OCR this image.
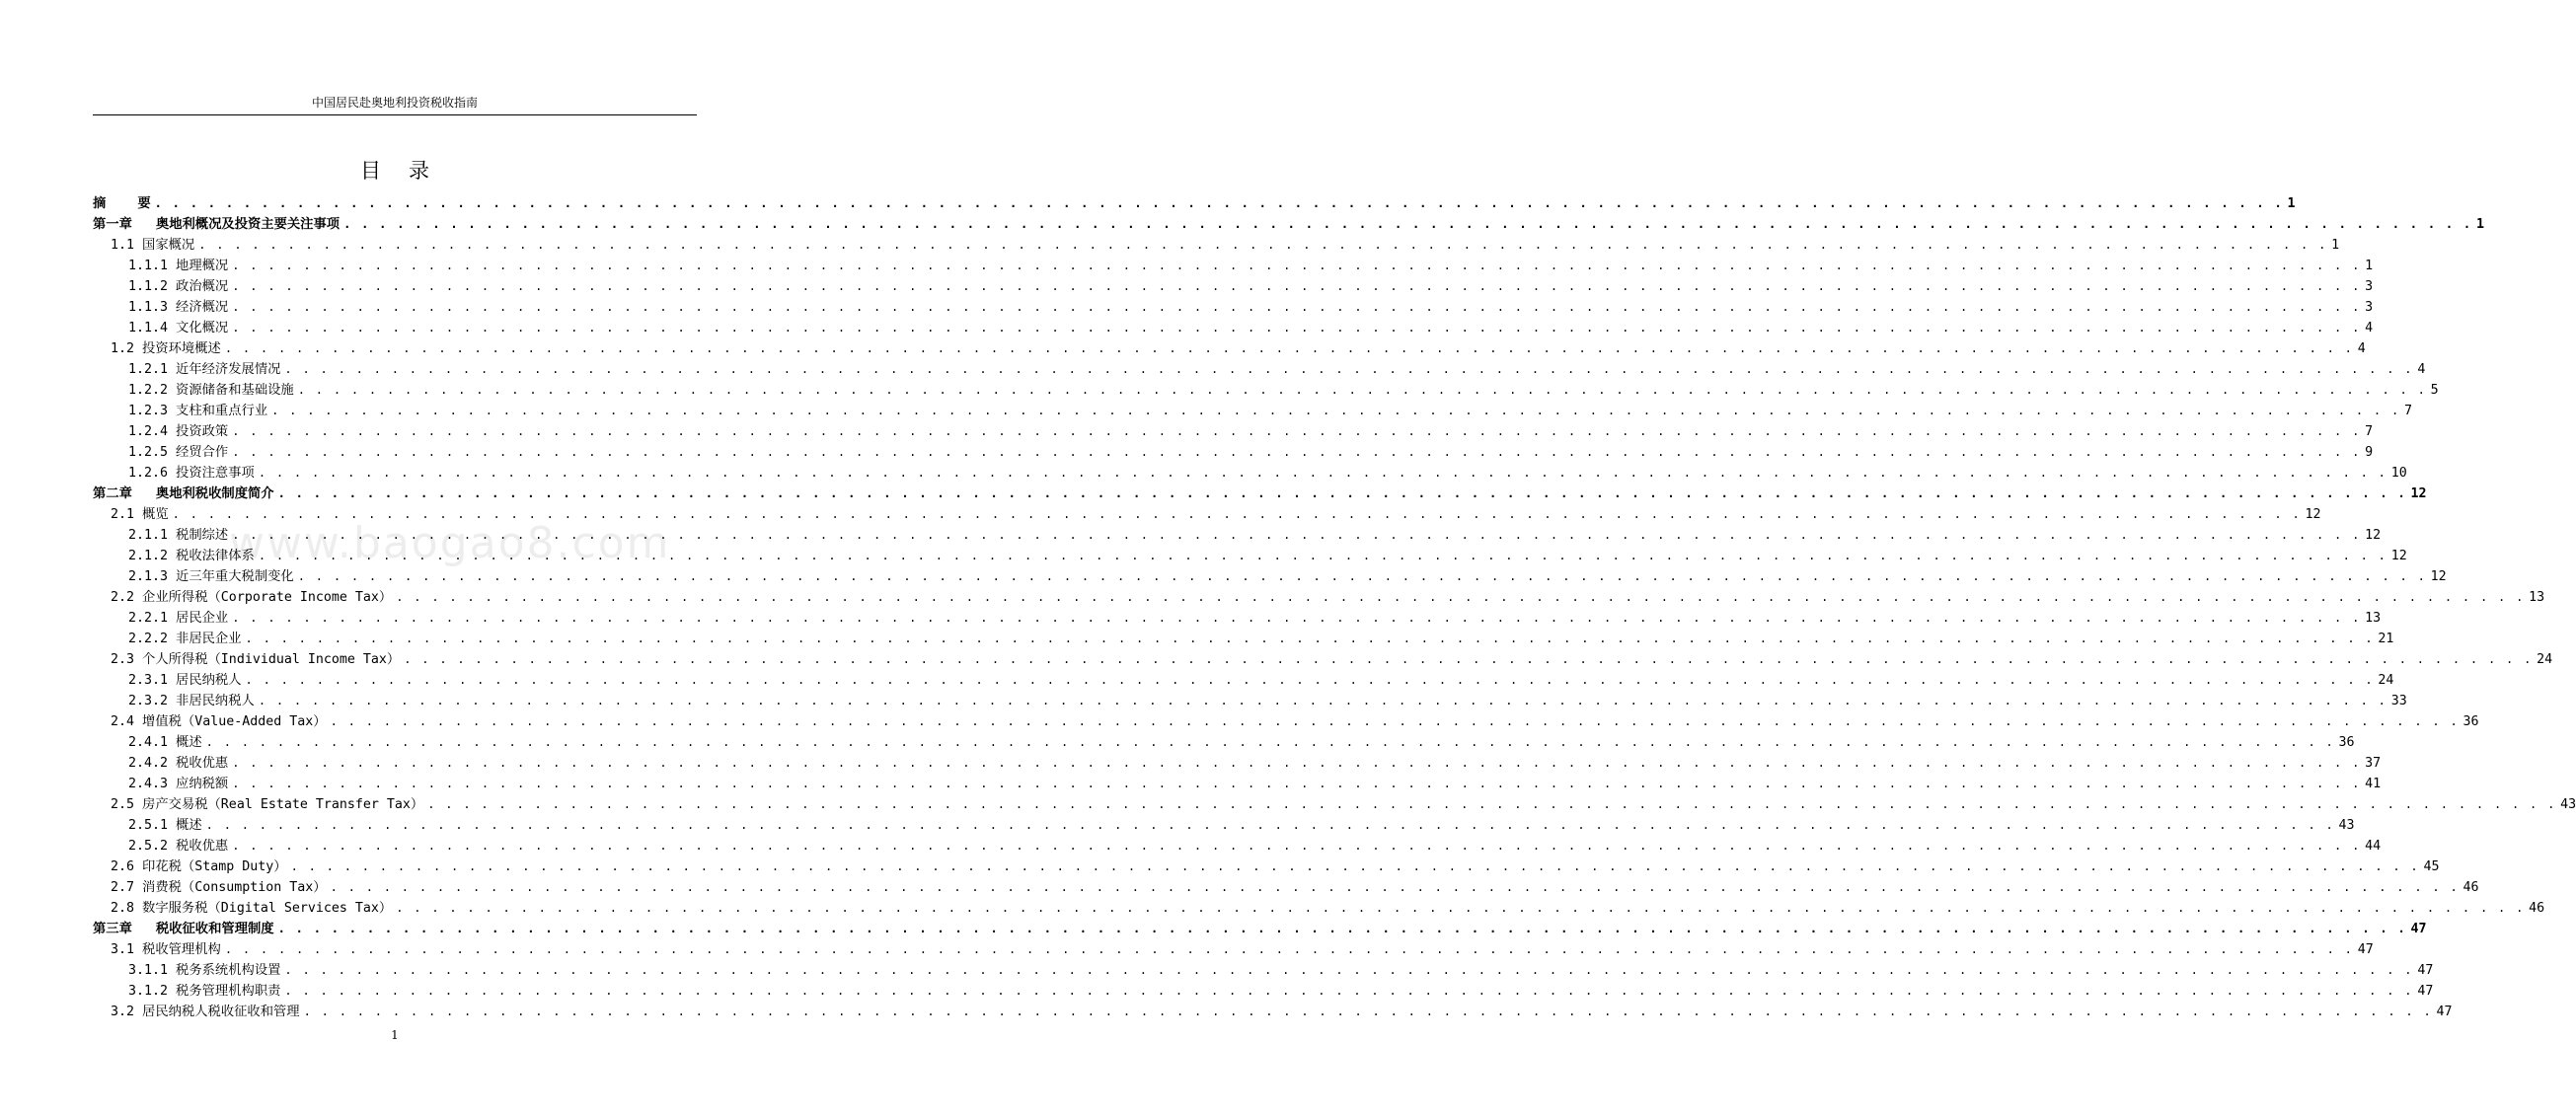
中国居民赴奥地利投资税收指南
目录
www.baogao8.com
摘    要 . . . . . . . . . . . . . . . . . . . . . . . . . . . . . . . . . . . . . . . . . . . . . . . . . . . . . . . . . . . . . . . . . . . . . . . . . . . . . . . . . . . . . . . . . . . . . . . . . . . . . . . . . . . . . . . . . . . . . . . . 1
第一章   奥地利概况及投资主要关注事项 . . . . . . . . . . . . . . . . . . . . . . . . . . . . . . . . . . . . . . . . . . . . . . . . . . . . . . . . . . . . . . . . . . . . . . . . . . . . . . . . . . . . . . . . . . . . . . . . . . . . . . . . . . . . . . . . . . . . . . . . 1
1.1 国家概况 . . . . . . . . . . . . . . . . . . . . . . . . . . . . . . . . . . . . . . . . . . . . . . . . . . . . . . . . . . . . . . . . . . . . . . . . . . . . . . . . . . . . . . . . . . . . . . . . . . . . . . . . . . . . . . . . . . . . . . . . 1
1.1.1 地理概况 . . . . . . . . . . . . . . . . . . . . . . . . . . . . . . . . . . . . . . . . . . . . . . . . . . . . . . . . . . . . . . . . . . . . . . . . . . . . . . . . . . . . . . . . . . . . . . . . . . . . . . . . . . . . . . . . . . . . . . . . 1
1.1.2 政治概况 . . . . . . . . . . . . . . . . . . . . . . . . . . . . . . . . . . . . . . . . . . . . . . . . . . . . . . . . . . . . . . . . . . . . . . . . . . . . . . . . . . . . . . . . . . . . . . . . . . . . . . . . . . . . . . . . . . . . . . . . 3
1.1.3 经济概况 . . . . . . . . . . . . . . . . . . . . . . . . . . . . . . . . . . . . . . . . . . . . . . . . . . . . . . . . . . . . . . . . . . . . . . . . . . . . . . . . . . . . . . . . . . . . . . . . . . . . . . . . . . . . . . . . . . . . . . . . 3
1.1.4 文化概况 . . . . . . . . . . . . . . . . . . . . . . . . . . . . . . . . . . . . . . . . . . . . . . . . . . . . . . . . . . . . . . . . . . . . . . . . . . . . . . . . . . . . . . . . . . . . . . . . . . . . . . . . . . . . . . . . . . . . . . . . 4
1.2 投资环境概述 . . . . . . . . . . . . . . . . . . . . . . . . . . . . . . . . . . . . . . . . . . . . . . . . . . . . . . . . . . . . . . . . . . . . . . . . . . . . . . . . . . . . . . . . . . . . . . . . . . . . . . . . . . . . . . . . . . . . . . . . 4
1.2.1 近年经济发展情况 . . . . . . . . . . . . . . . . . . . . . . . . . . . . . . . . . . . . . . . . . . . . . . . . . . . . . . . . . . . . . . . . . . . . . . . . . . . . . . . . . . . . . . . . . . . . . . . . . . . . . . . . . . . . . . . . . . . . . . . . 4
1.2.2 资源储备和基础设施 . . . . . . . . . . . . . . . . . . . . . . . . . . . . . . . . . . . . . . . . . . . . . . . . . . . . . . . . . . . . . . . . . . . . . . . . . . . . . . . . . . . . . . . . . . . . . . . . . . . . . . . . . . . . . . . . . . . . . . . . 5
1.2.3 支柱和重点行业 . . . . . . . . . . . . . . . . . . . . . . . . . . . . . . . . . . . . . . . . . . . . . . . . . . . . . . . . . . . . . . . . . . . . . . . . . . . . . . . . . . . . . . . . . . . . . . . . . . . . . . . . . . . . . . . . . . . . . . . . 7
1.2.4 投资政策 . . . . . . . . . . . . . . . . . . . . . . . . . . . . . . . . . . . . . . . . . . . . . . . . . . . . . . . . . . . . . . . . . . . . . . . . . . . . . . . . . . . . . . . . . . . . . . . . . . . . . . . . . . . . . . . . . . . . . . . . 7
1.2.5 经贸合作 . . . . . . . . . . . . . . . . . . . . . . . . . . . . . . . . . . . . . . . . . . . . . . . . . . . . . . . . . . . . . . . . . . . . . . . . . . . . . . . . . . . . . . . . . . . . . . . . . . . . . . . . . . . . . . . . . . . . . . . . 9
1.2.6 投资注意事项 . . . . . . . . . . . . . . . . . . . . . . . . . . . . . . . . . . . . . . . . . . . . . . . . . . . . . . . . . . . . . . . . . . . . . . . . . . . . . . . . . . . . . . . . . . . . . . . . . . . . . . . . . . . . . . . . . . . . . . . . 10
第二章   奥地利税收制度简介 . . . . . . . . . . . . . . . . . . . . . . . . . . . . . . . . . . . . . . . . . . . . . . . . . . . . . . . . . . . . . . . . . . . . . . . . . . . . . . . . . . . . . . . . . . . . . . . . . . . . . . . . . . . . . . . . . . . . . . . . 12
2.1 概览 . . . . . . . . . . . . . . . . . . . . . . . . . . . . . . . . . . . . . . . . . . . . . . . . . . . . . . . . . . . . . . . . . . . . . . . . . . . . . . . . . . . . . . . . . . . . . . . . . . . . . . . . . . . . . . . . . . . . . . . . 12
2.1.1 税制综述 . . . . . . . . . . . . . . . . . . . . . . . . . . . . . . . . . . . . . . . . . . . . . . . . . . . . . . . . . . . . . . . . . . . . . . . . . . . . . . . . . . . . . . . . . . . . . . . . . . . . . . . . . . . . . . . . . . . . . . . . 12
2.1.2 税收法律体系 . . . . . . . . . . . . . . . . . . . . . . . . . . . . . . . . . . . . . . . . . . . . . . . . . . . . . . . . . . . . . . . . . . . . . . . . . . . . . . . . . . . . . . . . . . . . . . . . . . . . . . . . . . . . . . . . . . . . . . . . 12
2.1.3 近三年重大税制变化 . . . . . . . . . . . . . . . . . . . . . . . . . . . . . . . . . . . . . . . . . . . . . . . . . . . . . . . . . . . . . . . . . . . . . . . . . . . . . . . . . . . . . . . . . . . . . . . . . . . . . . . . . . . . . . . . . . . . . . . . 12
2.2 企业所得税（Corporate Income Tax） . . . . . . . . . . . . . . . . . . . . . . . . . . . . . . . . . . . . . . . . . . . . . . . . . . . . . . . . . . . . . . . . . . . . . . . . . . . . . . . . . . . . . . . . . . . . . . . . . . . . . . . . . . . . . . . . . . . . . . . . 13
2.2.1 居民企业 . . . . . . . . . . . . . . . . . . . . . . . . . . . . . . . . . . . . . . . . . . . . . . . . . . . . . . . . . . . . . . . . . . . . . . . . . . . . . . . . . . . . . . . . . . . . . . . . . . . . . . . . . . . . . . . . . . . . . . . . 13
2.2.2 非居民企业 . . . . . . . . . . . . . . . . . . . . . . . . . . . . . . . . . . . . . . . . . . . . . . . . . . . . . . . . . . . . . . . . . . . . . . . . . . . . . . . . . . . . . . . . . . . . . . . . . . . . . . . . . . . . . . . . . . . . . . . . 21
2.3 个人所得税（Individual Income Tax） . . . . . . . . . . . . . . . . . . . . . . . . . . . . . . . . . . . . . . . . . . . . . . . . . . . . . . . . . . . . . . . . . . . . . . . . . . . . . . . . . . . . . . . . . . . . . . . . . . . . . . . . . . . . . . . . . . . . . . . . 24
2.3.1 居民纳税人 . . . . . . . . . . . . . . . . . . . . . . . . . . . . . . . . . . . . . . . . . . . . . . . . . . . . . . . . . . . . . . . . . . . . . . . . . . . . . . . . . . . . . . . . . . . . . . . . . . . . . . . . . . . . . . . . . . . . . . . . 24
2.3.2 非居民纳税人 . . . . . . . . . . . . . . . . . . . . . . . . . . . . . . . . . . . . . . . . . . . . . . . . . . . . . . . . . . . . . . . . . . . . . . . . . . . . . . . . . . . . . . . . . . . . . . . . . . . . . . . . . . . . . . . . . . . . . . . . 33
2.4 增值税（Value-Added Tax） . . . . . . . . . . . . . . . . . . . . . . . . . . . . . . . . . . . . . . . . . . . . . . . . . . . . . . . . . . . . . . . . . . . . . . . . . . . . . . . . . . . . . . . . . . . . . . . . . . . . . . . . . . . . . . . . . . . . . . . . 36
2.4.1 概述 . . . . . . . . . . . . . . . . . . . . . . . . . . . . . . . . . . . . . . . . . . . . . . . . . . . . . . . . . . . . . . . . . . . . . . . . . . . . . . . . . . . . . . . . . . . . . . . . . . . . . . . . . . . . . . . . . . . . . . . . 36
2.4.2 税收优惠 . . . . . . . . . . . . . . . . . . . . . . . . . . . . . . . . . . . . . . . . . . . . . . . . . . . . . . . . . . . . . . . . . . . . . . . . . . . . . . . . . . . . . . . . . . . . . . . . . . . . . . . . . . . . . . . . . . . . . . . . 37
2.4.3 应纳税额 . . . . . . . . . . . . . . . . . . . . . . . . . . . . . . . . . . . . . . . . . . . . . . . . . . . . . . . . . . . . . . . . . . . . . . . . . . . . . . . . . . . . . . . . . . . . . . . . . . . . . . . . . . . . . . . . . . . . . . . . 41
2.5 房产交易税（Real Estate Transfer Tax） . . . . . . . . . . . . . . . . . . . . . . . . . . . . . . . . . . . . . . . . . . . . . . . . . . . . . . . . . . . . . . . . . . . . . . . . . . . . . . . . . . . . . . . . . . . . . . . . . . . . . . . . . . . . . . . . . . . . . . . . 43
2.5.1 概述 . . . . . . . . . . . . . . . . . . . . . . . . . . . . . . . . . . . . . . . . . . . . . . . . . . . . . . . . . . . . . . . . . . . . . . . . . . . . . . . . . . . . . . . . . . . . . . . . . . . . . . . . . . . . . . . . . . . . . . . . 43
2.5.2 税收优惠 . . . . . . . . . . . . . . . . . . . . . . . . . . . . . . . . . . . . . . . . . . . . . . . . . . . . . . . . . . . . . . . . . . . . . . . . . . . . . . . . . . . . . . . . . . . . . . . . . . . . . . . . . . . . . . . . . . . . . . . . 44
2.6 印花税（Stamp Duty） . . . . . . . . . . . . . . . . . . . . . . . . . . . . . . . . . . . . . . . . . . . . . . . . . . . . . . . . . . . . . . . . . . . . . . . . . . . . . . . . . . . . . . . . . . . . . . . . . . . . . . . . . . . . . . . . . . . . . . . . 45
2.7 消费税（Consumption Tax） . . . . . . . . . . . . . . . . . . . . . . . . . . . . . . . . . . . . . . . . . . . . . . . . . . . . . . . . . . . . . . . . . . . . . . . . . . . . . . . . . . . . . . . . . . . . . . . . . . . . . . . . . . . . . . . . . . . . . . . . 46
2.8 数字服务税（Digital Services Tax） . . . . . . . . . . . . . . . . . . . . . . . . . . . . . . . . . . . . . . . . . . . . . . . . . . . . . . . . . . . . . . . . . . . . . . . . . . . . . . . . . . . . . . . . . . . . . . . . . . . . . . . . . . . . . . . . . . . . . . . . 46
第三章   税收征收和管理制度 . . . . . . . . . . . . . . . . . . . . . . . . . . . . . . . . . . . . . . . . . . . . . . . . . . . . . . . . . . . . . . . . . . . . . . . . . . . . . . . . . . . . . . . . . . . . . . . . . . . . . . . . . . . . . . . . . . . . . . . . 47
3.1 税收管理机构 . . . . . . . . . . . . . . . . . . . . . . . . . . . . . . . . . . . . . . . . . . . . . . . . . . . . . . . . . . . . . . . . . . . . . . . . . . . . . . . . . . . . . . . . . . . . . . . . . . . . . . . . . . . . . . . . . . . . . . . . 47
3.1.1 税务系统机构设置 . . . . . . . . . . . . . . . . . . . . . . . . . . . . . . . . . . . . . . . . . . . . . . . . . . . . . . . . . . . . . . . . . . . . . . . . . . . . . . . . . . . . . . . . . . . . . . . . . . . . . . . . . . . . . . . . . . . . . . . . 47
3.1.2 税务管理机构职责 . . . . . . . . . . . . . . . . . . . . . . . . . . . . . . . . . . . . . . . . . . . . . . . . . . . . . . . . . . . . . . . . . . . . . . . . . . . . . . . . . . . . . . . . . . . . . . . . . . . . . . . . . . . . . . . . . . . . . . . . 47
3.2 居民纳税人税收征收和管理 . . . . . . . . . . . . . . . . . . . . . . . . . . . . . . . . . . . . . . . . . . . . . . . . . . . . . . . . . . . . . . . . . . . . . . . . . . . . . . . . . . . . . . . . . . . . . . . . . . . . . . . . . . . . . . . . . . . . . . . . 47
1
